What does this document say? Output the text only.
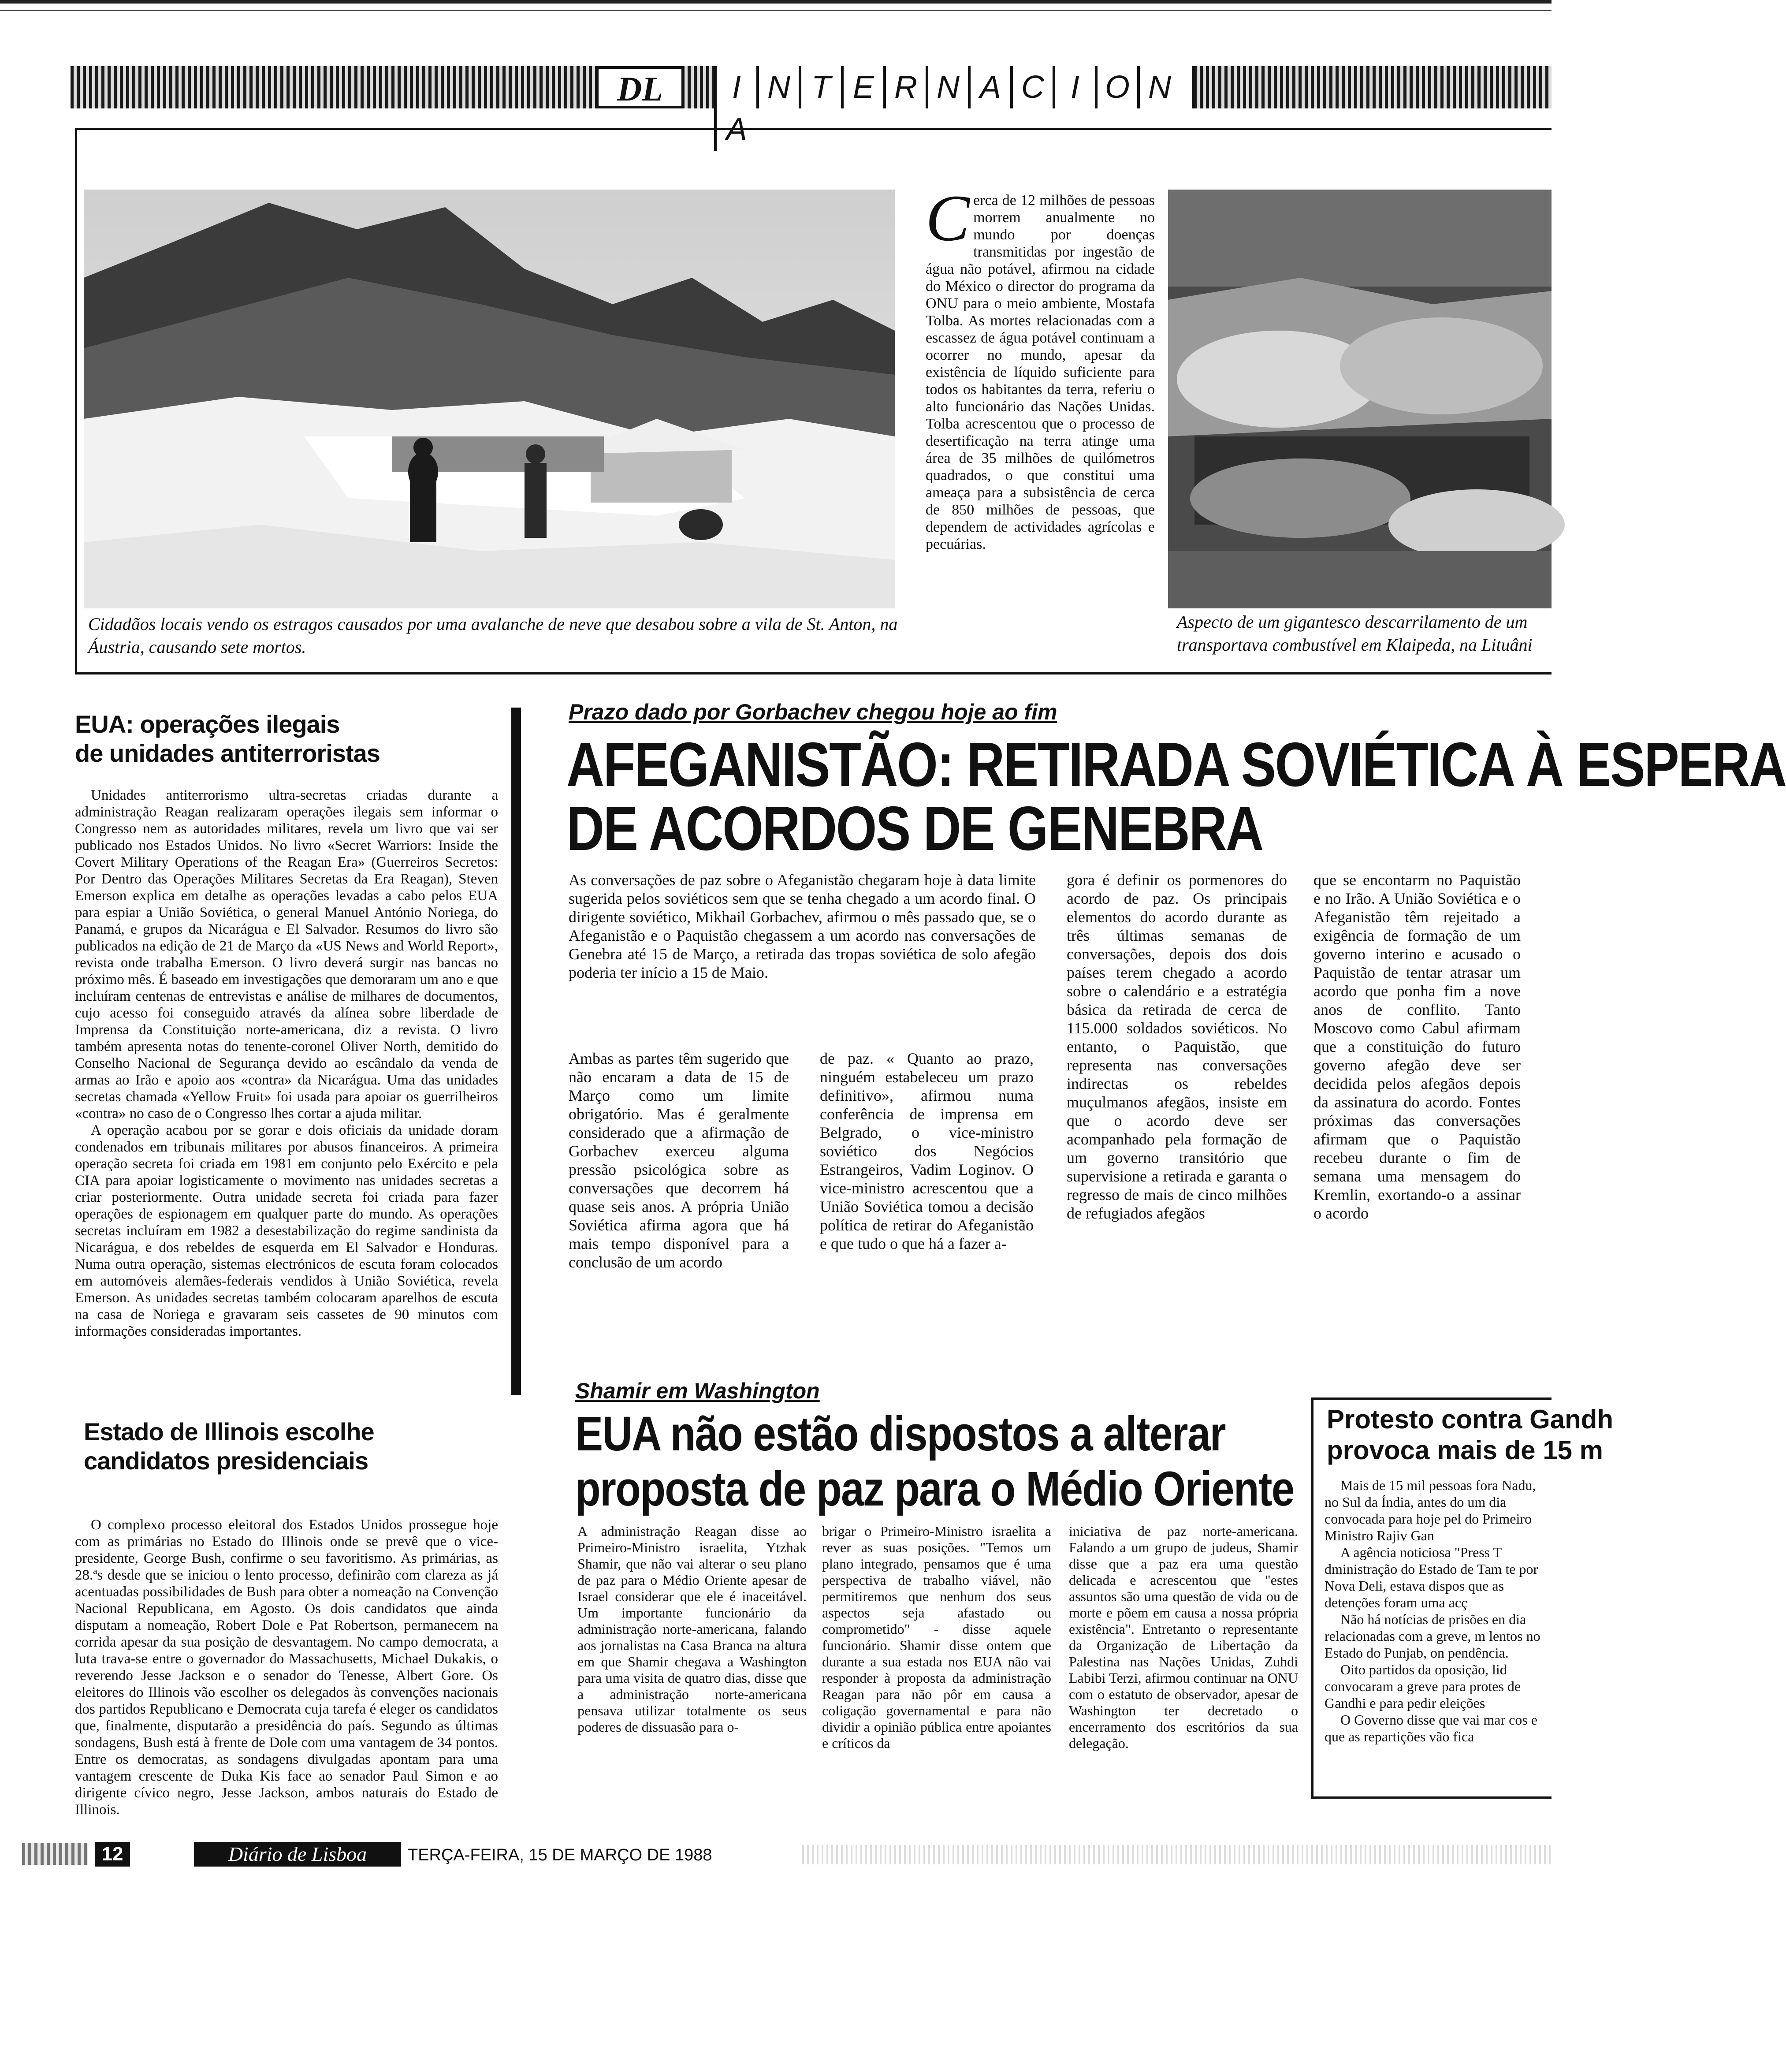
DL	I N T E R N A C I O NA
Cidadãos locais vendo os estragos causados por uma avalanche de neve que desabou sobre a vila de St. Anton, na Áustria, causando sete mortos.
Cerca de 12 milhões de pessoas morrem anualmente no mundo por doenças transmitidas por ingestão de água não potável, afirmou na cidade do México o director do programa da ONU para o meio ambiente, Mostafa Tolba. As mortes relacionadas com a escassez de água potável continuam a ocorrer no mundo, apesar da existência de líquido suficiente para todos os habitantes da terra, referiu o alto funcionário das Nações Unidas. Tolba acrescentou que o processo de desertificação na terra atinge uma área de 35 milhões de quilómetros quadrados, o que constitui uma ameaça para a subsistência de cerca de 850 milhões de pessoas, que dependem de actividades agrícolas e pecuárias.
Aspecto de um gigantesco descarrilamento de um
transportava combustível em Klaipeda, na Lituâni
EUA: operações ilegais
de unidades antiterroristas

Unidades antiterrorismo ultra-secretas criadas durante a administração Reagan realizaram operações ilegais sem informar o Congresso nem as autoridades militares, revela um livro que vai ser publicado nos Estados Unidos. No livro «Secret Warriors: Inside the Covert Military Operations of the Reagan Era» (Guerreiros Secretos: Por Dentro das Operações Militares Secretas da Era Reagan), Steven Emerson explica em detalhe as operações levadas a cabo pelos EUA para espiar a União Soviética, o general Manuel António Noriega, do Panamá, e grupos da Nicarágua e El Salvador. Resumos do livro são publicados na edição de 21 de Março da «US News and World Report», revista onde trabalha Emerson. O livro deverá surgir nas bancas no próximo mês. É baseado em investigações que demoraram um ano e que incluíram centenas de entrevistas e análise de milhares de documentos, cujo acesso foi conseguido através da alínea sobre liberdade de Imprensa da Constituição norte-americana, diz a revista. O livro também apresenta notas do tenente-coronel Oliver North, demitido do Conselho Nacional de Segurança devido ao escândalo da venda de armas ao Irão e apoio aos «contra» da Nicarágua. Uma das unidades secretas chamada «Yellow Fruit» foi usada para apoiar os guerrilheiros «contra» no caso de o Congresso lhes cortar a ajuda militar.

A operação acabou por se gorar e dois oficiais da unidade doram condenados em tribunais militares por abusos financeiros. A primeira operação secreta foi criada em 1981 em conjunto pelo Exército e pela CIA para apoiar logisticamente o movimento nas unidades secretas a criar posteriormente. Outra unidade secreta foi criada para fazer operações de espionagem em qualquer parte do mundo. As operações secretas incluíram em 1982 a desestabilização do regime sandinista da Nicarágua, e dos rebeldes de esquerda em El Salvador e Honduras. Numa outra operação, sistemas electrónicos de escuta foram colocados em automóveis alemães-federais vendidos à União Soviética, revela Emerson. As unidades secretas também colocaram aparelhos de escuta na casa de Noriega e gravaram seis cassetes de 90 minutos com informações consideradas importantes.

Estado de Illinois escolhe
candidatos presidenciais

O complexo processo eleitoral dos Estados Unidos prossegue hoje com as primárias no Estado do Illinois onde se prevê que o vice-presidente, George Bush, confirme o seu favoritismo. As primárias, as 28.ªs desde que se iniciou o lento processo, definirão com clareza as já acentuadas possibilidades de Bush para obter a nomeação na Convenção Nacional Republicana, em Agosto. Os dois candidatos que ainda disputam a nomeação, Robert Dole e Pat Robertson, permanecem na corrida apesar da sua posição de desvantagem. No campo democrata, a luta trava-se entre o governador do Massachusetts, Michael Dukakis, o reverendo Jesse Jackson e o senador do Tenesse, Albert Gore. Os eleitores do Illinois vão escolher os delegados às convenções nacionais dos partidos Republicano e Democrata cuja tarefa é eleger os candidatos que, finalmente, disputarão a presidência do país. Segundo as últimas sondagens, Bush está à frente de Dole com uma vantagem de 34 pontos. Entre os democratas, as sondagens divulgadas apontam para uma vantagem crescente de Duka Kis face ao senador Paul Simon e ao dirigente cívico negro, Jesse Jackson, ambos naturais do Estado de Illinois.

Prazo dado por Gorbachev chegou hoje ao fim
AFEGANISTÃO: RETIRADA SOVIÉTICA À ESPERA
DE ACORDOS DE GENEBRA
As conversações de paz sobre o Afeganistão chegaram hoje à data limite sugerida pelos soviéticos sem que se tenha chegado a um acordo final. O dirigente soviético, Mikhail Gorbachev, afirmou o mês passado que, se o Afeganistão e o Paquistão chegassem a um acordo nas conversações de Genebra até 15 de Março, a retirada das tropas soviética de solo afegão poderia ter início a 15 de Maio.
Ambas as partes têm sugerido que não encaram a data de 15 de Março como um limite obrigatório. Mas é geralmente considerado que a afirmação de Gorbachev exerceu alguma pressão psicológica sobre as conversações que decorrem há quase seis anos. A própria União Soviética afirma agora que há mais tempo disponível para a conclusão de um acordo
de paz. « Quanto ao prazo, ninguém estabeleceu um prazo definitivo», afirmou numa conferência de imprensa em Belgrado, o vice-ministro soviético dos Negócios Estrangeiros, Vadim Loginov. O vice-ministro acrescentou que a União Soviética tomou a decisão política de retirar do Afeganistão e que tudo o que há a fazer a-
gora é definir os pormenores do acordo de paz. Os principais elementos do acordo durante as três últimas semanas de conversações, depois dos dois países terem chegado a acordo sobre o calendário e a estratégia básica da retirada de cerca de 115.000 soldados soviéticos. No entanto, o Paquistão, que representa nas conversações indirectas os rebeldes muçulmanos afegãos, insiste em que o acordo deve ser acompanhado pela formação de um governo transitório que supervisione a retirada e garanta o regresso de mais de cinco milhões de refugiados afegãos
que se encontarm no Paquistão e no Irão. A União Soviética e o Afeganistão têm rejeitado a exigência de formação de um governo interino e acusado o Paquistão de tentar atrasar um acordo que ponha fim a nove anos de conflito. Tanto Moscovo como Cabul afirmam que a constituição do futuro governo afegão deve ser decidida pelos afegãos depois da assinatura do acordo. Fontes próximas das conversações afirmam que o Paquistão recebeu durante o fim de semana uma mensagem do Kremlin, exortando-o a assinar o acordo
Shamir em Washington
EUA não estão dispostos a alterar
proposta de paz para o Médio Oriente
A administração Reagan disse ao Primeiro-Ministro israelita, Ytzhak Shamir, que não vai alterar o seu plano de paz para o Médio Oriente apesar de Israel considerar que ele é inaceitável. Um importante funcionário da administração norte-americana, falando aos jornalistas na Casa Branca na altura em que Shamir chegava a Washington para uma visita de quatro dias, disse que a administração norte-americana pensava utilizar totalmente os seus poderes de dissuasão para o-
brigar o Primeiro-Ministro israelita a rever as suas posições. "Temos um plano integrado, pensamos que é uma perspectiva de trabalho viável, não permitiremos que nenhum dos seus aspectos seja afastado ou comprometido" - disse aquele funcionário. Shamir disse ontem que durante a sua estada nos EUA não vai responder à proposta da administração Reagan para não pôr em causa a coligação governamental e para não dividir a opinião pública entre apoiantes e críticos da
iniciativa de paz norte-americana. Falando a um grupo de judeus, Shamir disse que a paz era uma questão delicada e acrescentou que "estes assuntos são uma questão de vida ou de morte e põem em causa a nossa própria existência". Entretanto o representante da Organização de Libertação da Palestina nas Nações Unidas, Zuhdi Labibi Terzi, afirmou continuar na ONU com o estatuto de observador, apesar de Washington ter decretado o encerramento dos escritórios da sua delegação.
Protesto contra Gandh
provoca mais de 15 m

Mais de 15 mil pessoas fora Nadu, no Sul da Índia, antes do um dia convocada para hoje pel do Primeiro Ministro Rajiv Gan

A agência noticiosa "Press T dministração do Estado de Tam te por Nova Deli, estava dispos que as detenções foram uma acç

Não há notícias de prisões en dia relacionadas com a greve, m lentos no Estado do Punjab, on pendência.

Oito partidos da oposição, lid convocaram a greve para protes de Gandhi e para pedir eleições

O Governo disse que vai mar cos e que as repartições vão fica

12	Diário de Lisboa	TERÇA-FEIRA, 15 DE MARÇO DE 1988
